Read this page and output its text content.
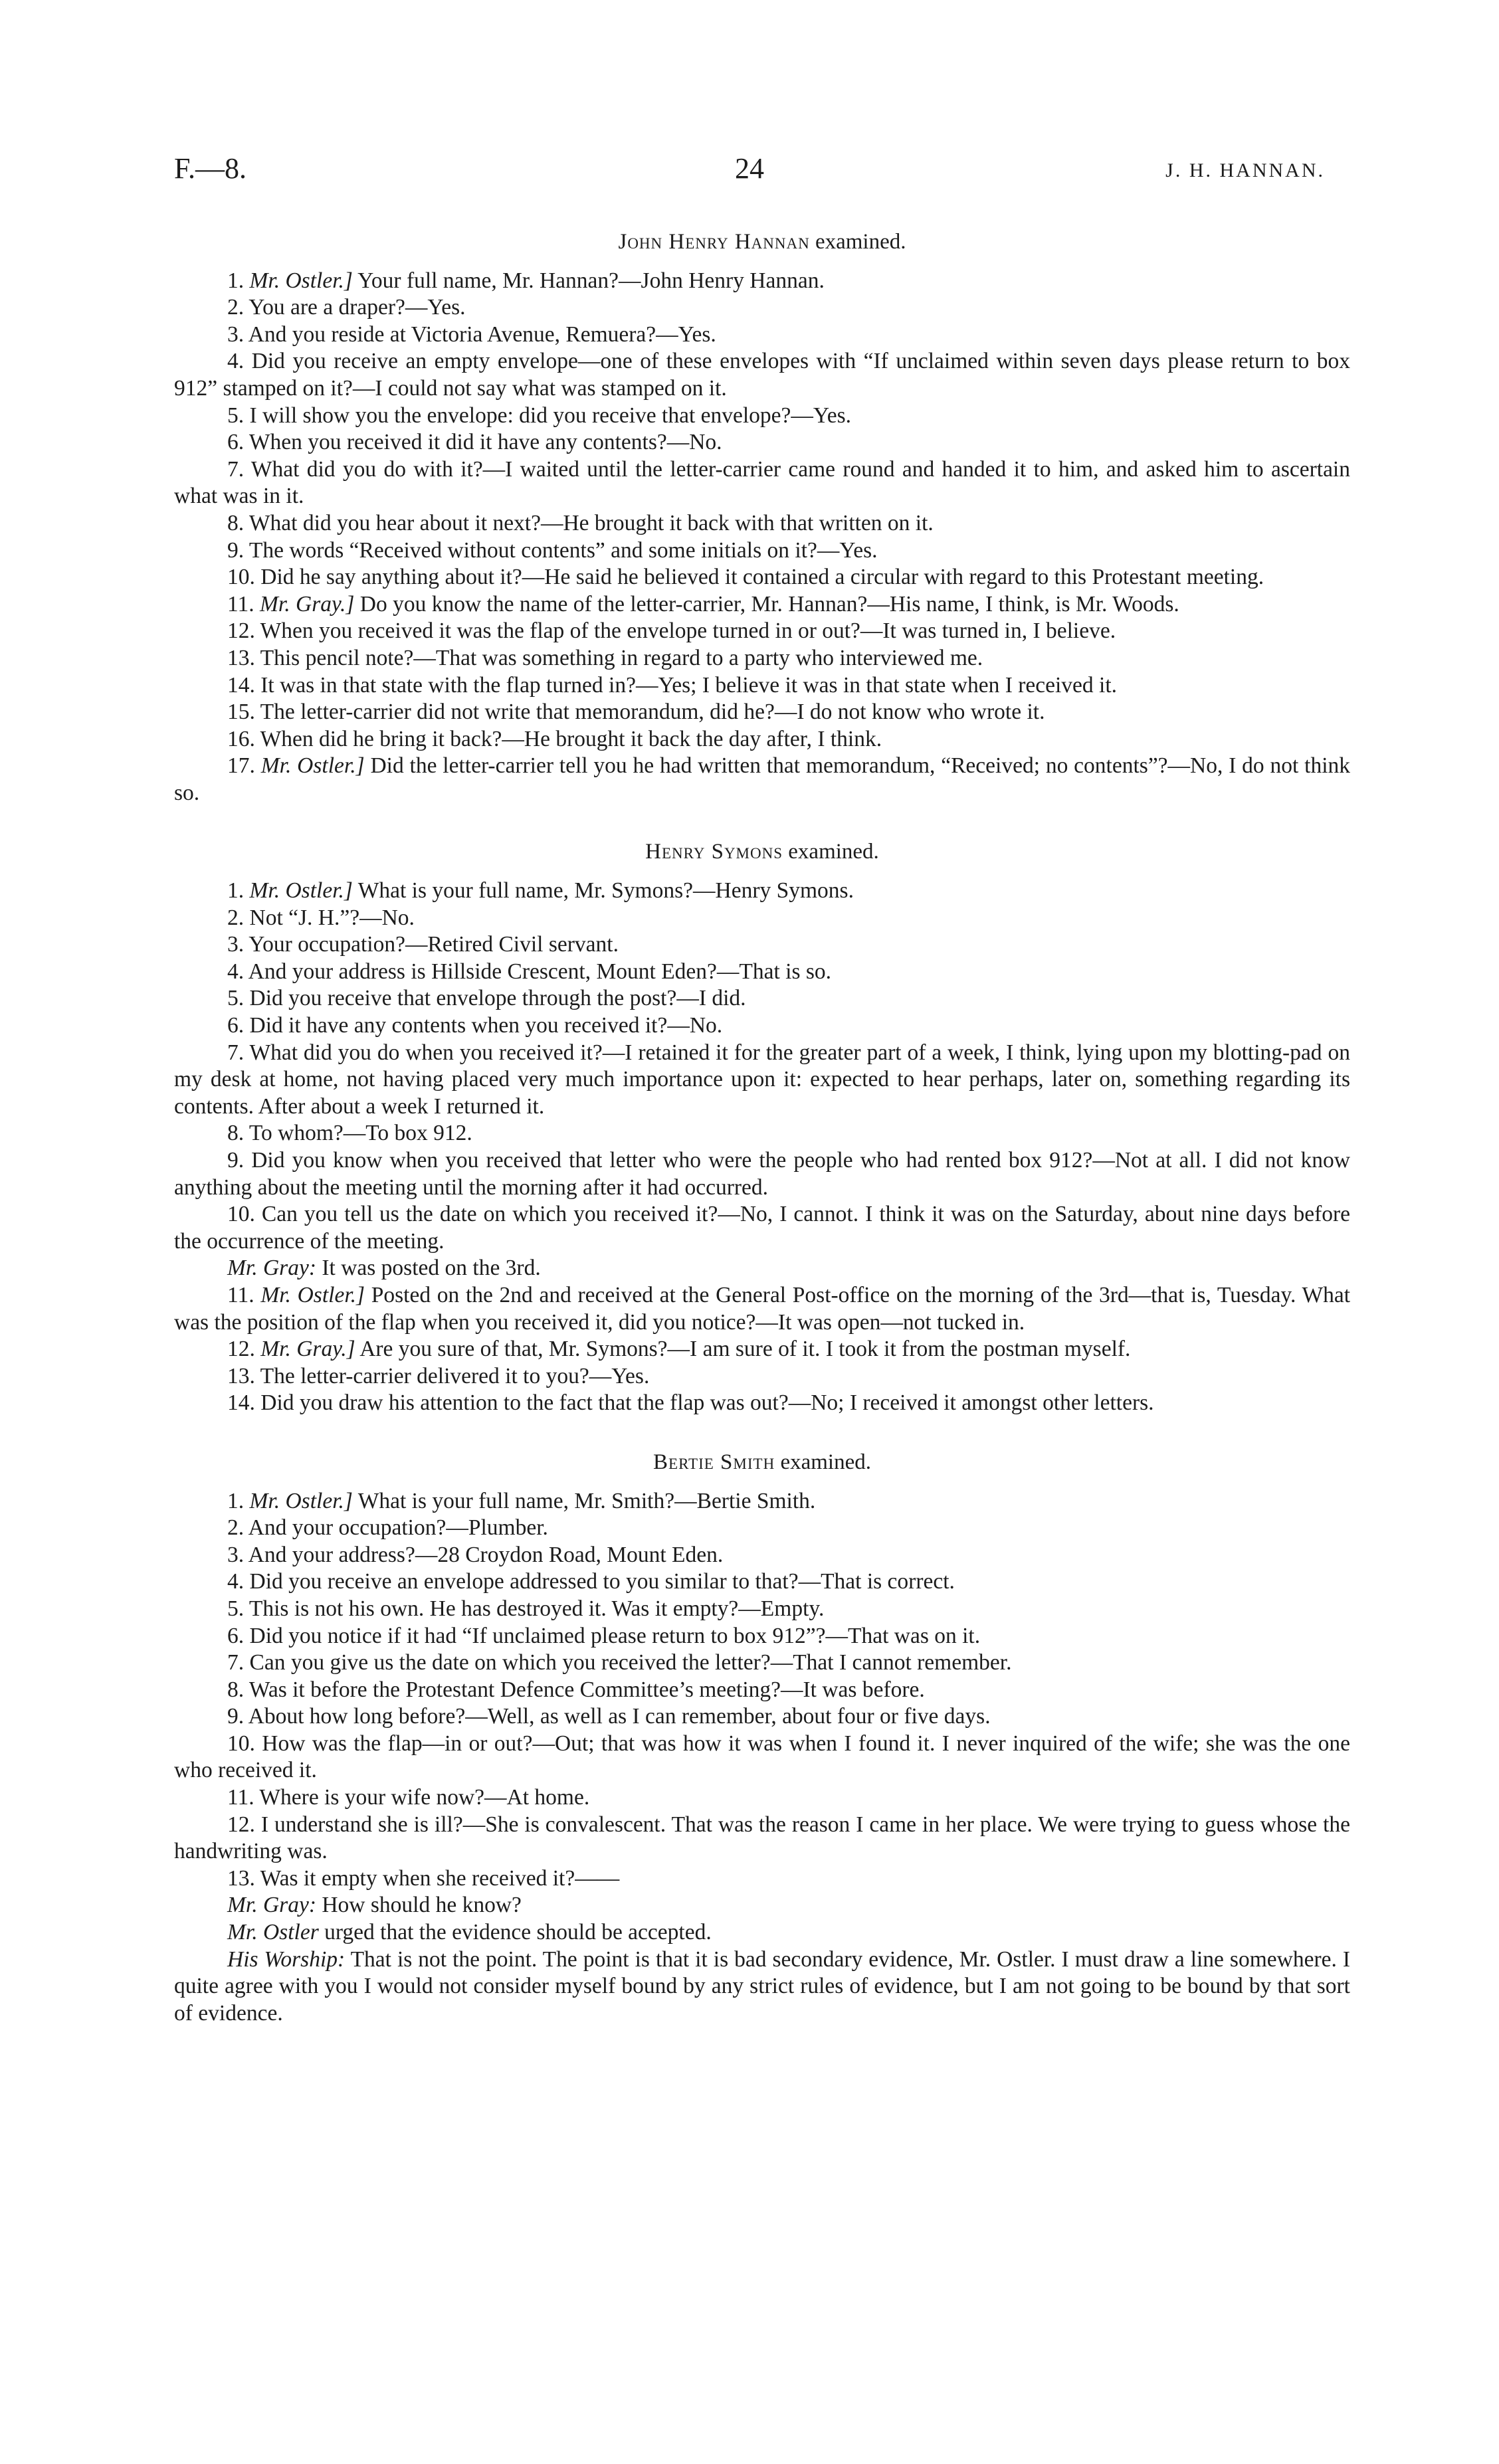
F.—8.	24	J. H. HANNAN.
John Henry Hannan examined.

1. Mr. Ostler.] Your full name, Mr. Hannan?—John Henry Hannan.

2. You are a draper?—Yes.

3. And you reside at Victoria Avenue, Remuera?—Yes.

4. Did you receive an empty envelope—one of these envelopes with “If unclaimed within seven days please return to box 912” stamped on it?—I could not say what was stamped on it.

5. I will show you the envelope: did you receive that envelope?—Yes.

6. When you received it did it have any contents?—No.

7. What did you do with it?—I waited until the letter-carrier came round and handed it to him, and asked him to ascertain what was in it.

8. What did you hear about it next?—He brought it back with that written on it.

9. The words “Received without contents” and some initials on it?—Yes.

10. Did he say anything about it?—He said he believed it contained a circular with regard to this Protestant meeting.

11. Mr. Gray.] Do you know the name of the letter-carrier, Mr. Hannan?—His name, I think, is Mr. Woods.

12. When you received it was the flap of the envelope turned in or out?—It was turned in, I believe.

13. This pencil note?—That was something in regard to a party who interviewed me.

14. It was in that state with the flap turned in?—Yes; I believe it was in that state when I received it.

15. The letter-carrier did not write that memorandum, did he?—I do not know who wrote it.

16. When did he bring it back?—He brought it back the day after, I think.

17. Mr. Ostler.] Did the letter-carrier tell you he had written that memorandum, “Received; no contents”?—No, I do not think so.

Henry Symons examined.

1. Mr. Ostler.] What is your full name, Mr. Symons?—Henry Symons.

2. Not “J. H.”?—No.

3. Your occupation?—Retired Civil servant.

4. And your address is Hillside Crescent, Mount Eden?—That is so.

5. Did you receive that envelope through the post?—I did.

6. Did it have any contents when you received it?—No.

7. What did you do when you received it?—I retained it for the greater part of a week, I think, lying upon my blotting-pad on my desk at home, not having placed very much importance upon it: expected to hear perhaps, later on, something regarding its contents. After about a week I returned it.

8. To whom?—To box 912.

9. Did you know when you received that letter who were the people who had rented box 912?—Not at all. I did not know anything about the meeting until the morning after it had occurred.

10. Can you tell us the date on which you received it?—No, I cannot. I think it was on the Saturday, about nine days before the occurrence of the meeting.

Mr. Gray: It was posted on the 3rd.

11. Mr. Ostler.] Posted on the 2nd and received at the General Post-office on the morning of the 3rd—that is, Tuesday. What was the position of the flap when you received it, did you notice?—It was open—not tucked in.

12. Mr. Gray.] Are you sure of that, Mr. Symons?—I am sure of it. I took it from the postman myself.

13. The letter-carrier delivered it to you?—Yes.

14. Did you draw his attention to the fact that the flap was out?—No; I received it amongst other letters.

Bertie Smith examined.

1. Mr. Ostler.] What is your full name, Mr. Smith?—Bertie Smith.

2. And your occupation?—Plumber.

3. And your address?—28 Croydon Road, Mount Eden.

4. Did you receive an envelope addressed to you similar to that?—That is correct.

5. This is not his own. He has destroyed it. Was it empty?—Empty.

6. Did you notice if it had “If unclaimed please return to box 912”?—That was on it.

7. Can you give us the date on which you received the letter?—That I cannot remember.

8. Was it before the Protestant Defence Committee’s meeting?—It was before.

9. About how long before?—Well, as well as I can remember, about four or five days.

10. How was the flap—in or out?—Out; that was how it was when I found it. I never inquired of the wife; she was the one who received it.

11. Where is your wife now?—At home.

12. I understand she is ill?—She is convalescent. That was the reason I came in her place. We were trying to guess whose the handwriting was.

13. Was it empty when she received it?——

Mr. Gray: How should he know?

Mr. Ostler urged that the evidence should be accepted.

His Worship: That is not the point. The point is that it is bad secondary evidence, Mr. Ostler. I must draw a line somewhere. I quite agree with you I would not consider myself bound by any strict rules of evidence, but I am not going to be bound by that sort of evidence.
